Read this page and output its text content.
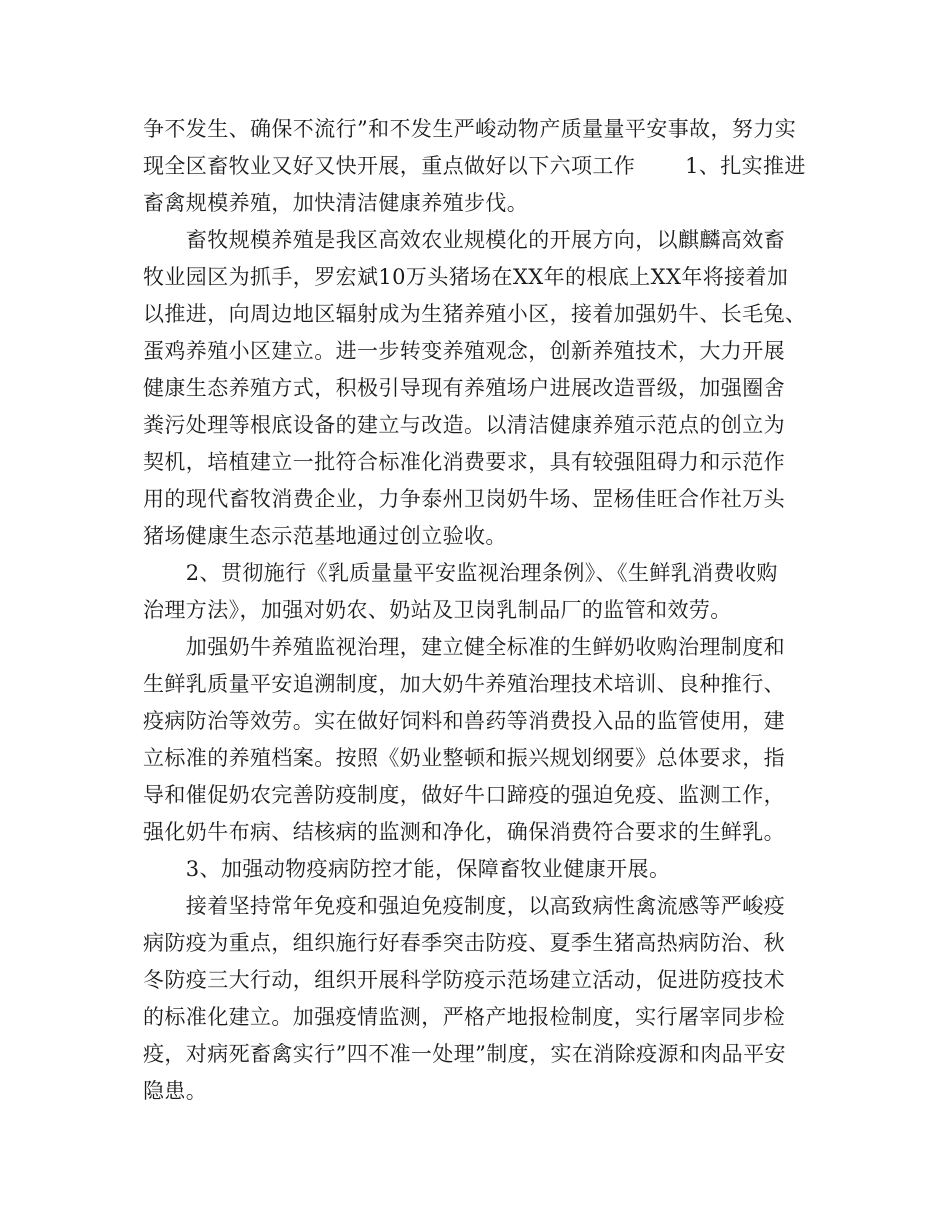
争不发生、确保不流行”和不发生严峻动物产质量量平安事故，努力实
现全区畜牧业又好又快开展，重点做好以下六项工作　　 1、扎实推进
畜禽规模养殖，加快清洁健康养殖步伐。
　　畜牧规模养殖是我区高效农业规模化的开展方向，以麒麟高效畜
牧业园区为抓手，罗宏斌10万头猪场在XX年的根底上XX年将接着加
以推进，向周边地区辐射成为生猪养殖小区，接着加强奶牛、长毛兔、
蛋鸡养殖小区建立。进一步转变养殖观念，创新养殖技术，大力开展
健康生态养殖方式，积极引导现有养殖场户进展改造晋级，加强圈舍
粪污处理等根底设备的建立与改造。以清洁健康养殖示范点的创立为
契机，培植建立一批符合标准化消费要求，具有较强阻碍力和示范作
用的现代畜牧消费企业，力争泰州卫岗奶牛场、罡杨佳旺合作社万头
猪场健康生态示范基地通过创立验收。
　　2、贯彻施行《乳质量量平安监视治理条例》、《生鲜乳消费收购
治理方法》，加强对奶农、奶站及卫岗乳制品厂的监管和效劳。
　　加强奶牛养殖监视治理，建立健全标准的生鲜奶收购治理制度和
生鲜乳质量平安追溯制度，加大奶牛养殖治理技术培训、良种推行、
疫病防治等效劳。实在做好饲料和兽药等消费投入品的监管使用，建
立标准的养殖档案。按照《奶业整顿和振兴规划纲要》总体要求，指
导和催促奶农完善防疫制度，做好牛口蹄疫的强迫免疫、监测工作，
强化奶牛布病、结核病的监测和净化，确保消费符合要求的生鲜乳。
　　3、加强动物疫病防控才能，保障畜牧业健康开展。
　　接着坚持常年免疫和强迫免疫制度，以高致病性禽流感等严峻疫
病防疫为重点，组织施行好春季突击防疫、夏季生猪高热病防治、秋
冬防疫三大行动，组织开展科学防疫示范场建立活动，促进防疫技术
的标准化建立。加强疫情监测，严格产地报检制度，实行屠宰同步检
疫，对病死畜禽实行”四不准一处理”制度，实在消除疫源和肉品平安
隐患。
